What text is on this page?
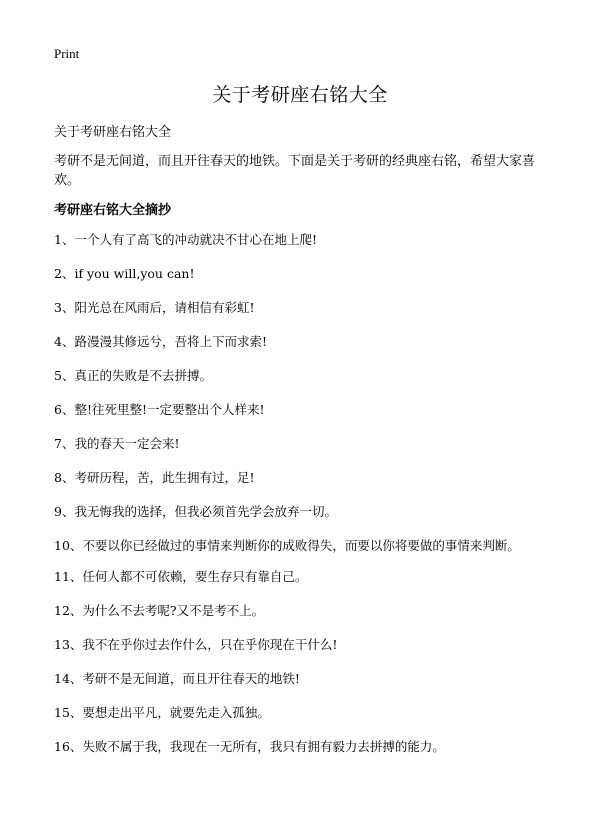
Print
关于考研座右铭大全
关于考研座右铭大全
考研不是无间道，而且开往春天的地铁。下面是关于考研的经典座右铭，希望大家喜欢。
考研座右铭大全摘抄
1、一个人有了高飞的冲动就决不甘心在地上爬!
2、if you will,you can!
3、阳光总在风雨后，请相信有彩虹!
4、路漫漫其修远兮，吾将上下而求索!
5、真正的失败是不去拼搏。
6、整!往死里整!一定要整出个人样来!
7、我的春天一定会来!
8、考研历程，苦，此生拥有过，足!
9、我无悔我的选择，但我必须首先学会放弃一切。
10、不要以你已经做过的事情来判断你的成败得失，而要以你将要做的事情来判断。
11、任何人都不可依赖，要生存只有靠自己。
12、为什么不去考呢?又不是考不上。
13、我不在乎你过去作什么，只在乎你现在干什么!
14、考研不是无间道，而且开往春天的地铁!
15、要想走出平凡，就要先走入孤独。
16、失败不属于我，我现在一无所有，我只有拥有毅力去拼搏的能力。
